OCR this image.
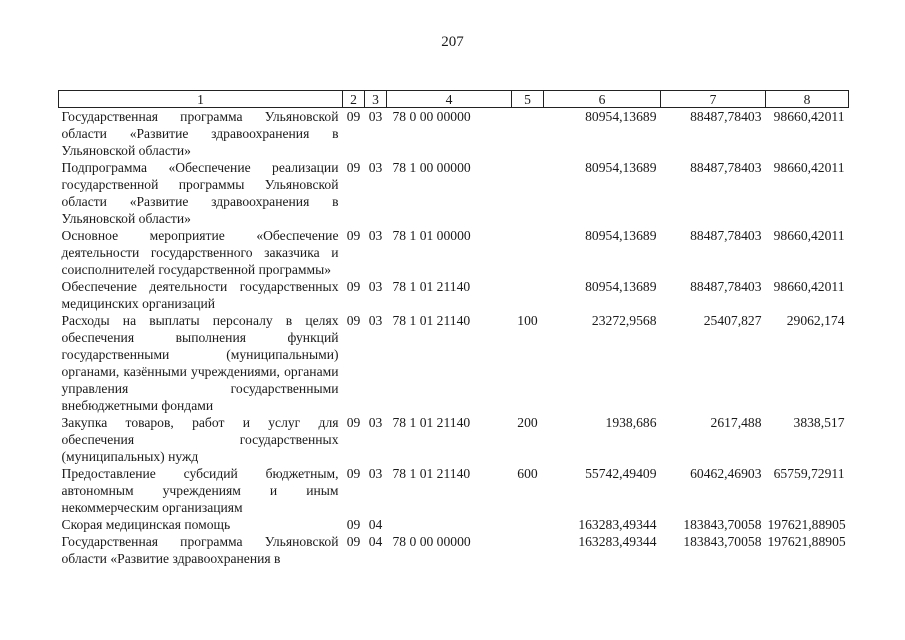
207
1	2	3	4	5	6	7	8
Государственная программа Ульяновской области «Развитие здравоохранения в Ульяновской области»	09	03	78 0 00 00000		80954,13689	88487,78403	98660,42011
Подпрограмма «Обеспечение реализации государственной программы Ульяновской области «Развитие здравоохранения в Ульяновской области»	09	03	78 1 00 00000		80954,13689	88487,78403	98660,42011
Основное мероприятие «Обеспечение деятельности государственного заказчика и соисполнителей государственной программы»	09	03	78 1 01 00000		80954,13689	88487,78403	98660,42011
Обеспечение деятельности государственных медицинских организаций	09	03	78 1 01 21140		80954,13689	88487,78403	98660,42011
Расходы на выплаты персоналу в целях обеспечения выполнения функций государственными (муниципальными) органами, казёнными учреждениями, органами управления государственными внебюджетными фондами	09	03	78 1 01 21140	100	23272,9568	25407,827	29062,174
Закупка товаров, работ и услуг для обеспечения государственных (муниципальных) нужд	09	03	78 1 01 21140	200	1938,686	2617,488	3838,517
Предоставление субсидий бюджетным, автономным учреждениям и иным некоммерческим организациям	09	03	78 1 01 21140	600	55742,49409	60462,46903	65759,72911
Скорая медицинская помощь	09	04			163283,49344	183843,70058	197621,88905
Государственная программа Ульяновской области «Развитие здравоохранения в	09	04	78 0 00 00000		163283,49344	183843,70058	197621,88905
